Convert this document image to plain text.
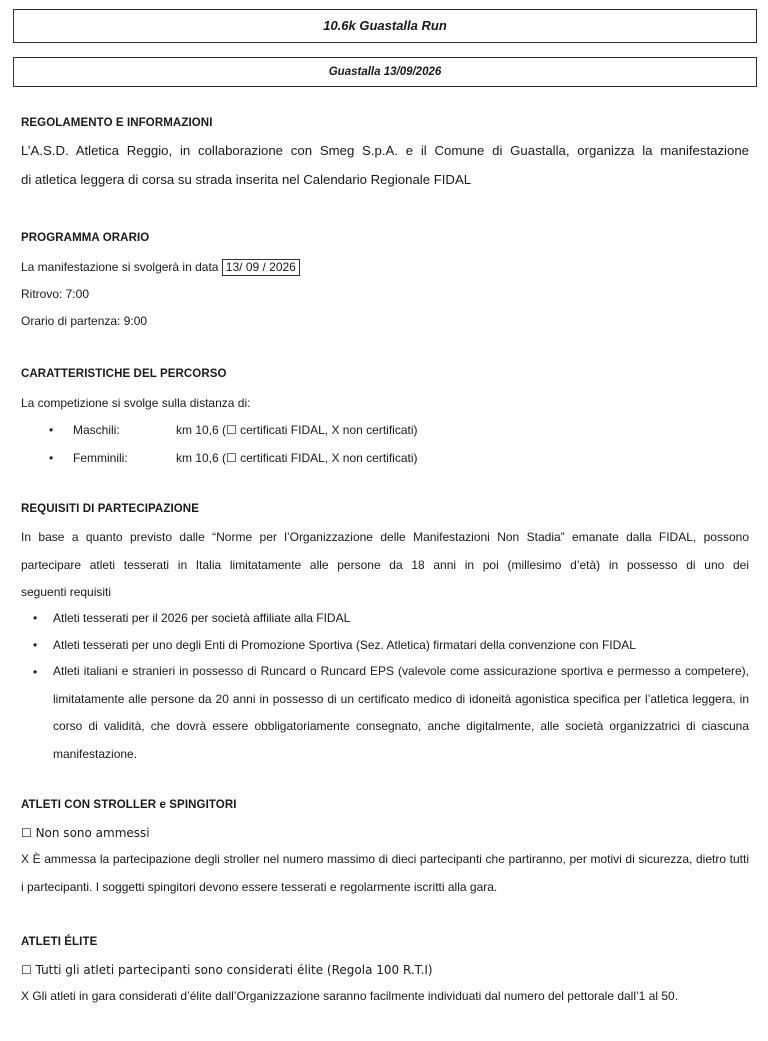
10.6k Guastalla Run
Guastalla 13/09/2026
REGOLAMENTO E INFORMAZIONI
L’A.S.D. Atletica Reggio, in collaborazione con Smeg S.p.A. e il Comune di Guastalla, organizza la manifestazione
di atletica leggera di corsa su strada inserita nel Calendario Regionale FIDAL
PROGRAMMA ORARIO
La manifestazione si svolgerà in data 13/ 09 / 2026
Ritrovo: 7:00
Orario di partenza: 9:00
CARATTERISTICHE DEL PERCORSO
La competizione si svolge sulla distanza di:
• Maschili:	km 10,6 (☐ certificati FIDAL, X non certificati)
• Femminili:	km 10,6 (☐ certificati FIDAL, X non certificati)
REQUISITI DI PARTECIPAZIONE
In base a quanto previsto dalle “Norme per l’Organizzazione delle Manifestazioni Non Stadia” emanate dalla FIDAL, possono
partecipare atleti tesserati in Italia limitatamente alle persone da 18 anni in poi (millesimo d’età) in possesso di uno dei
seguenti requisiti
• Atleti tesserati per il 2026 per società affiliate alla FIDAL
• Atleti tesserati per uno degli Enti di Promozione Sportiva (Sez. Atletica) firmatari della convenzione con FIDAL
• Atleti italiani e stranieri in possesso di Runcard o Runcard EPS (valevole come assicurazione sportiva e permesso a competere), limitatamente alle persone da 20 anni in possesso di un certificato medico di idoneità agonistica specifica per l’atletica leggera, in corso di validità, che dovrà essere obbligatoriamente consegnato, anche digitalmente, alle società organizzatrici di ciascuna manifestazione.
ATLETI CON STROLLER e SPINGITORI
☐ Non sono ammessi
X È ammessa la partecipazione degli stroller nel numero massimo di dieci partecipanti che partiranno, per motivi di sicurezza, dietro tutti i partecipanti. I soggetti spingitori devono essere tesserati e regolarmente iscritti alla gara.
ATLETI ÉLITE
☐ Tutti gli atleti partecipanti sono considerati élite (Regola 100 R.T.I)
X Gli atleti in gara considerati d’élite dall’Organizzazione saranno facilmente individuati dal numero del pettorale dall’1 al 50.
